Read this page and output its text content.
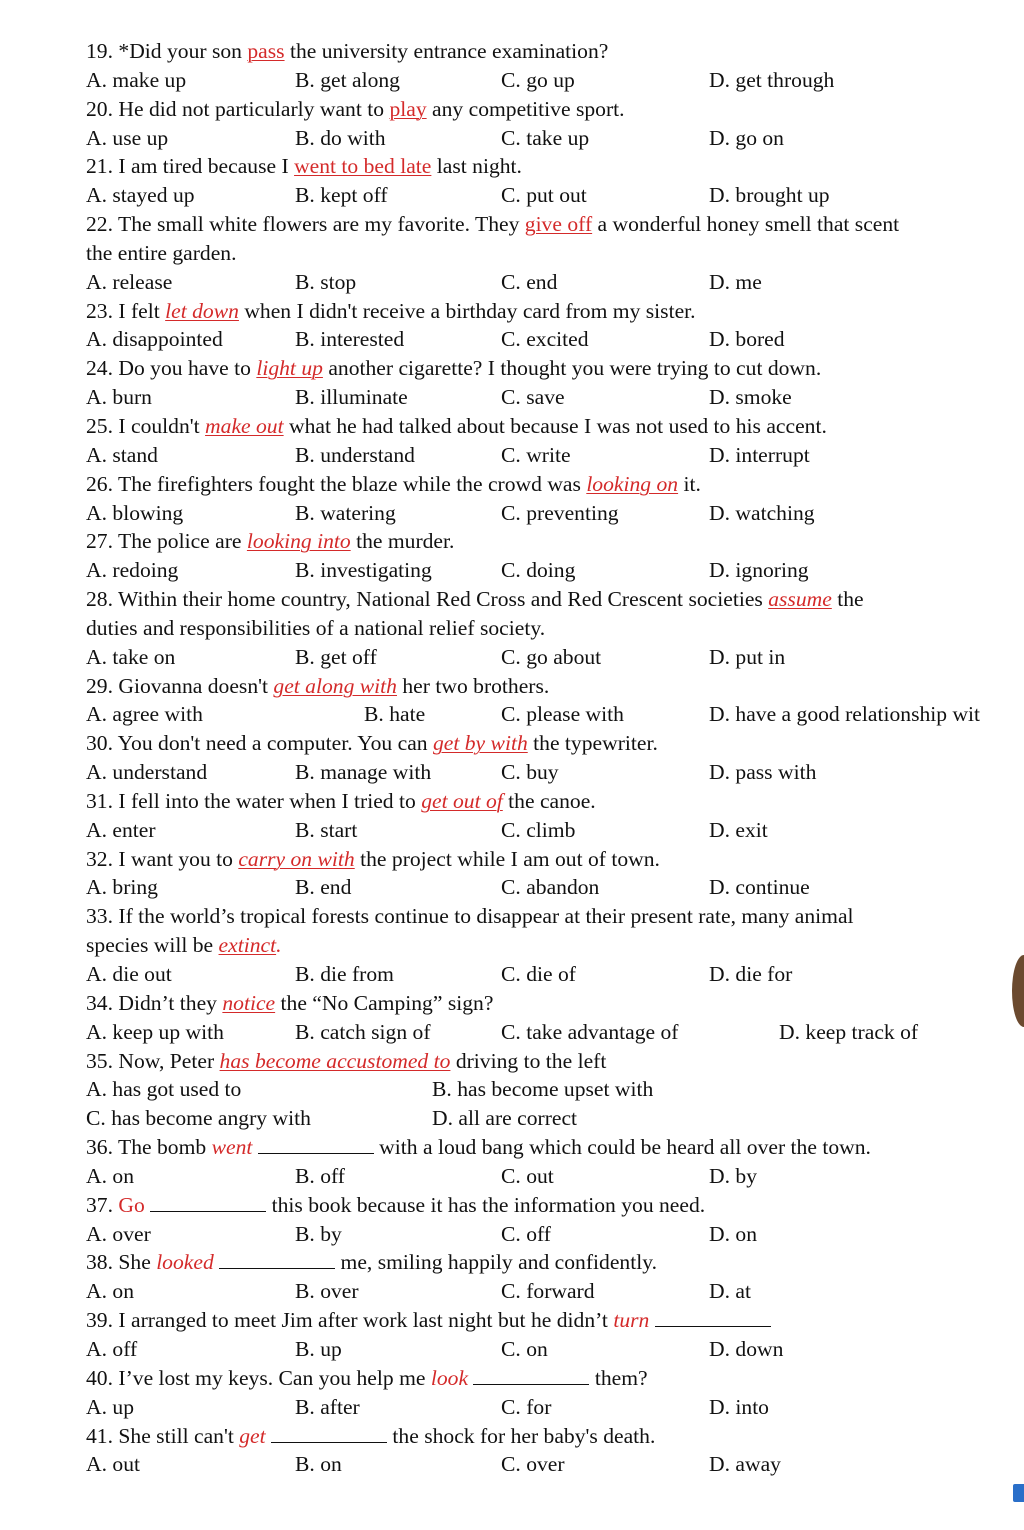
19. *Did your son pass the university entrance examination?
A. make up	B. get along	C. go up	D. get through
20. He did not particularly want to play any competitive sport.
A. use up	B. do with	C. take up	D. go on
21. I am tired because I went to bed late last night.
A. stayed up	B. kept off	C. put out	D. brought up
22. The small white flowers are my favorite. They give off a wonderful honey smell that scent
the entire garden.
A. release	B. stop	C. end	D. me
23. I felt let down when I didn't receive a birthday card from my sister.
A. disappointed	B. interested	C. excited	D. bored
24. Do you have to light up another cigarette? I thought you were trying to cut down.
A. burn	B. illuminate	C. save	D. smoke
25. I couldn't make out what he had talked about because I was not used to his accent.
A. stand	B. understand	C. write	D. interrupt
26. The firefighters fought the blaze while the crowd was looking on it.
A. blowing	B. watering	C. preventing	D. watching
27. The police are looking into the murder.
A. redoing	B. investigating	C. doing	D. ignoring
28. Within their home country, National Red Cross and Red Crescent societies assume the
duties and responsibilities of a national relief society.
A. take on	B. get off	C. go about	D. put in
29. Giovanna doesn't get along with her two brothers.
A. agree with	B. hate	C. please with	D. have a good relationship wit
30. You don't need a computer. You can get by with the typewriter.
A. understand	B. manage with	C. buy	D. pass with
31. I fell into the water when I tried to get out of the canoe.
A. enter	B. start	C. climb	D. exit
32. I want you to carry on with the project while I am out of town.
A. bring	B. end	C. abandon	D. continue
33. If the world’s tropical forests continue to disappear at their present rate, many animal
species will be extinct.
A. die out	B. die from	C. die of	D. die for
34. Didn’t they notice the “No Camping” sign?
A. keep up with	B. catch sign of	C. take advantage of	D. keep track of
35. Now, Peter has become accustomed to driving to the left
A. has got used to	B. has become upset with
C. has become angry with	D. all are correct
36. The bomb went	with a loud bang which could be heard all over the town.
A. on	B. off	C. out	D. by
37. Go	this book because it has the information you need.
A. over	B. by	C. off	D. on
38. She looked	me, smiling happily and confidently.
A. on	B. over	C. forward	D. at
39. I arranged to meet Jim after work last night but he didn’t turn
A. off	B. up	C. on	D. down
40. I’ve lost my keys. Can you help me look	them?
A. up	B. after	C. for	D. into
41. She still can't get	the shock for her baby's death.
A. out	B. on	C. over	D. away
